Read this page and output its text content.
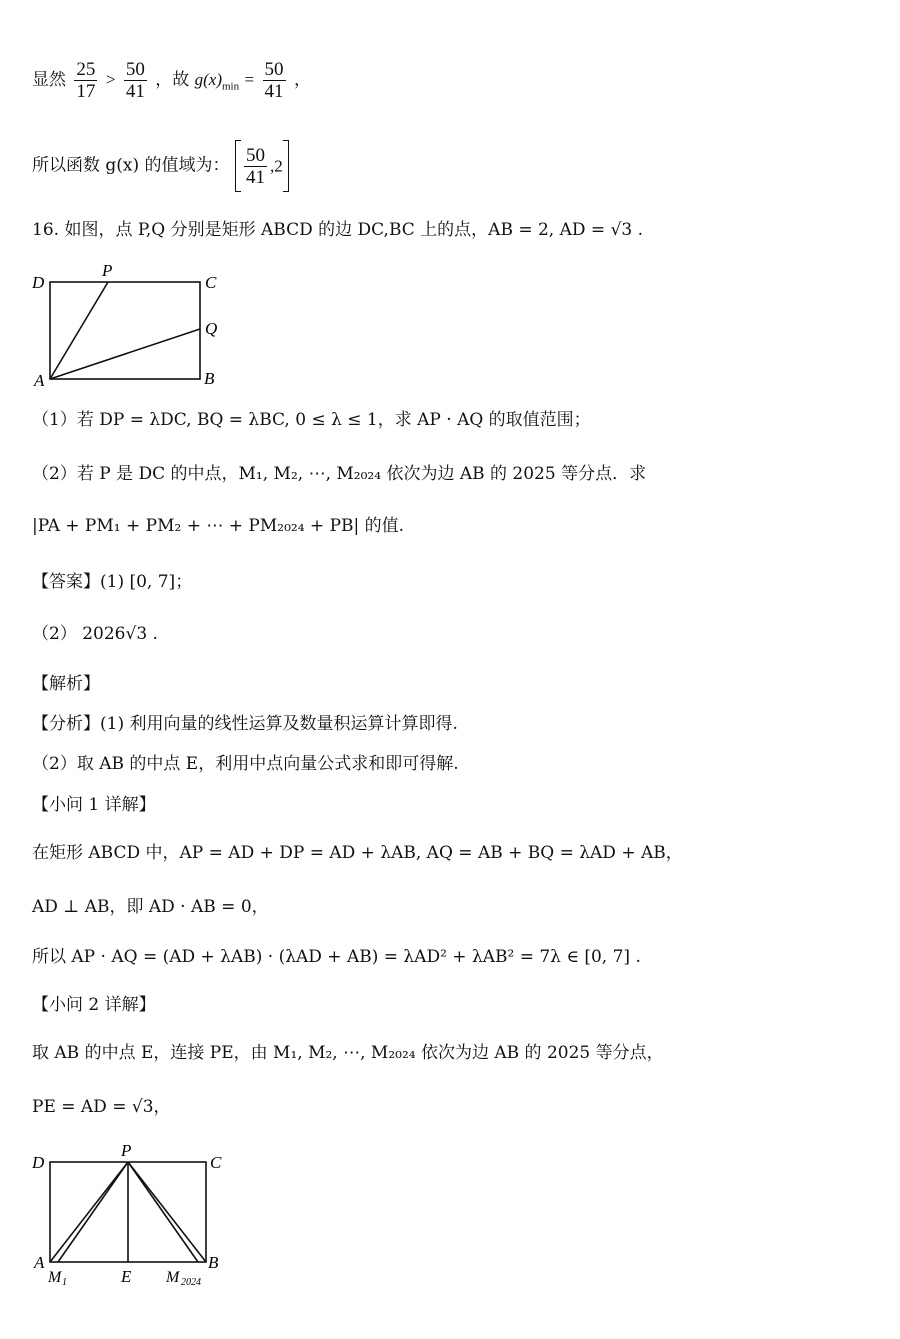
显然 $\frac{25}{17} > \frac{50}{41}$ ，故 $g(x)_{min} = \frac{50}{41}$ ，
所以函数 g(x) 的值域为： $\frac{50}{41} ,2$
16. 如图，点 P,Q 分别是矩形 ABCD 的边 DC,BC 上的点，AB = 2, AD = √3 .
D
P
C
Q
A	B
（1）若 DP = λDC, BQ = λBC, 0 ≤ λ ≤ 1，求 AP · AQ 的取值范围；
（2）若 P 是 DC 的中点，M₁, M₂, ⋯, M₂₀₂₄ 依次为边 AB 的 2025 等分点．求
|PA + PM₁ + PM₂ + ⋯ + PM₂₀₂₄ + PB| 的值.
【答案】(1) [0, 7]；
（2） 2026√3 .
【解析】
【分析】(1) 利用向量的线性运算及数量积运算计算即得.
（2）取 AB 的中点 E，利用中点向量公式求和即可得解.
【小问 1 详解】
在矩形 ABCD 中，AP = AD + DP = AD + λAB, AQ = AB + BQ = λAD + AB，
AD ⊥ AB，即 AD · AB = 0，
所以 AP · AQ = (AD + λAB) · (λAD + AB) = λAD² + λAB² = 7λ ∈ [0, 7] .
【小问 2 详解】
取 AB 的中点 E，连接 PE，由 M₁, M₂, ⋯, M₂₀₂₄ 依次为边 AB 的 2025 等分点，
PE = AD = √3，
D
P
C
A
M 1	E M 2024
B
